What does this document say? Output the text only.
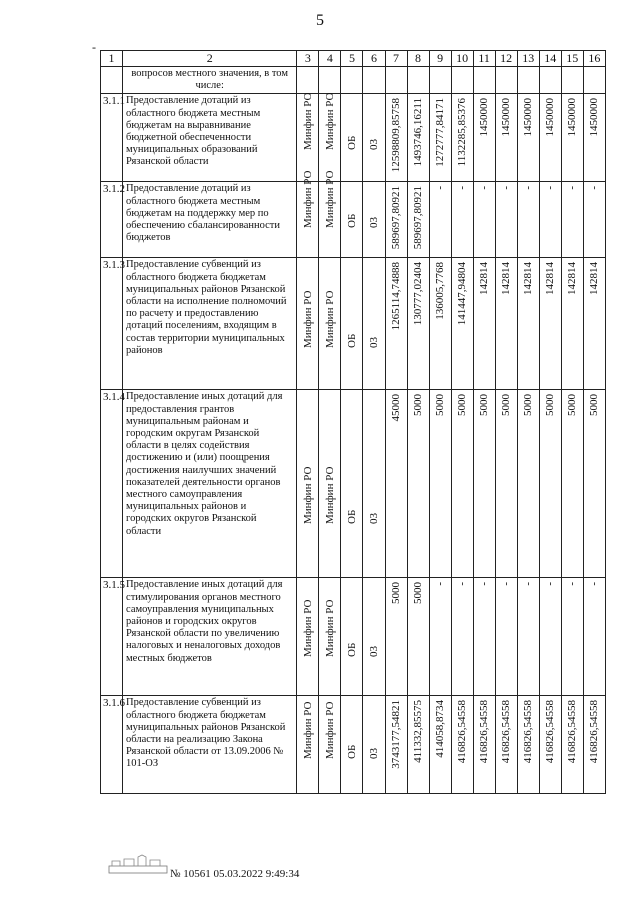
5
-
1	2	3	4	5	6	7	8	9	10	11	12	13	14	15	16
	вопросов местного значения, в том числе:														
3.1.1	Предоставление дотаций из областного бюджета местным бюджетам на выравнивание бюджетной обеспеченности муниципальных образований Рязанской области	Минфин РО	Минфин РО	ОБ	03	12598809,85758	1493746,16211	1272777,84171	1132285,85376	1450000	1450000	1450000	1450000	1450000	1450000

3.1.2	Предоставление дотаций из областного бюджета местным бюджетам на поддержку мер по обеспечению сбалансированности бюджетов	Минфин РО	Минфин РО	ОБ	03	589697,80921	589697,80921	-	-	-	-	-	-	-	-

3.1.3	Предоставление субвенций из областного бюджета бюджетам муниципальных районов Рязанской области на исполнение полномочий по расчету и предоставлению дотаций поселениям, входящим в состав территории муниципальных районов	Минфин РО	Минфин РО	ОБ	03	1265114,74888	130777,02404	136005,7768	141447,94804	142814	142814	142814	142814	142814	142814

3.1.4	Предоставление иных дотаций для предоставления грантов муниципальным районам и городским округам Рязанской области в целях содействия достижению и (или) поощрения достижения наилучших значений показателей деятельности органов местного самоуправления муниципальных районов и городских округов Рязанской области	Минфин РО	Минфин РО	ОБ	03	45000	5000	5000	5000	5000	5000	5000	5000	5000	5000

3.1.5	Предоставление иных дотаций для стимулирования органов местного самоуправления муниципальных районов и городских округов Рязанской области по увеличению налоговых и неналоговых доходов местных бюджетов	Минфин РО	Минфин РО	ОБ	03	5000	5000	-	-	-	-	-	-	-	-

3.1.6	Предоставление субвенций из областного бюджета бюджетам муниципальных районов Рязанской области на реализацию Закона Рязанской области от 13.09.2006 № 101-ОЗ	Минфин РО	Минфин РО	ОБ	03	3743177,54821	411332,85575	414058,8734	416826,54558	416826,54558	416826,54558	416826,54558	416826,54558	416826,54558	416826,54558
№ 10561 05.03.2022 9:49:34
